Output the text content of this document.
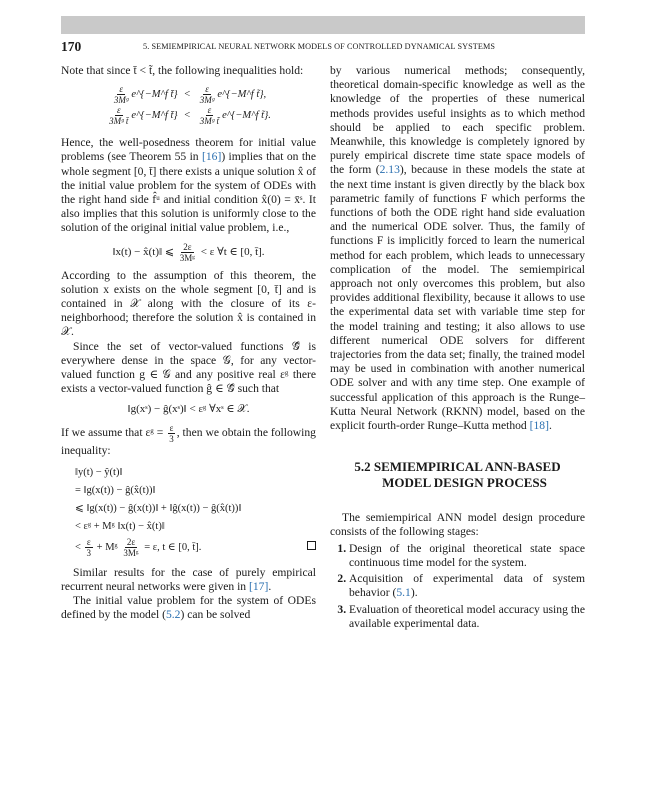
170	5. SEMIEMPIRICAL NEURAL NETWORK MODELS OF CONTROLLED DYNAMICAL SYSTEMS

Note that since t̄ < t̃, the following inequalities hold:

$\frac{\varepsilon}{\text{3Mᵍ}}$ e^{−M^f t̄} < $\frac{\varepsilon}{\text{3Mᵍ}}$ e^{−M^f t̃} ,
$\frac{\varepsilon}{\text{3Mᵍ t̄}}$ e^{−M^f t̄} < $\frac{\varepsilon}{\text{3Mᵍ t̃}}$ e^{−M^f t̃} .

Hence, the well-posedness theorem for initial value problems (see Theorem 55 in [16]) implies that on the whole segment [0, t̄] there exists a unique solution x̂ of the initial value problem for the system of ODEs with the right hand side f̂ᵘ and initial condition x̂(0) = x̄ˢ. It also implies that this solution is uniformly close to the solution of the original initial value problem, i.e.,

‖x(t) − x̂(t)‖ ⩽ $\frac{2\varepsilon}{\text{3Mᵍ}} < \varepsilon$ ∀t ∈ [0, t̄].

According to the assumption of this theorem, the solution x exists on the whole segment [0, t̄] and is contained in 𝒳 along with the closure of its ε-neighborhood; therefore the solution x̂ is contained in 𝒳.

Since the set of vector-valued functions 𝒢̂ is everywhere dense in the space 𝒢, for any vector-valued function g ∈ 𝒢 and any positive real εᵍ there exists a vector-valued function ĝ ∈ 𝒢̂ such that

‖g(xˢ) − ĝ(xˢ)‖ < εᵍ ∀xˢ ∈ 𝒳.

If we assume that εᵍ = $\frac{\varepsilon}{3}$ , then we obtain the following inequality:

‖y(t) − ŷ(t)‖
= ‖g(x(t)) − ĝ(x̂(t))‖
⩽ ‖g(x(t)) − ĝ(x(t))‖ + ‖ĝ(x(t)) − ĝ(x̂(t))‖
< εᵍ + Mᵍ ‖x(t) − x̂(t)‖
< $\frac{\varepsilon}{3}$ + Mᵍ $\frac{2\varepsilon}{\text{3Mᵍ}} = \varepsilon$, t ∈ [0, t̄].

Similar results for the case of purely empirical recurrent neural networks were given in [17].

The initial value problem for the system of ODEs defined by the model (5.2) can be solved

by various numerical methods; consequently, theoretical domain-specific knowledge as well as the knowledge of the properties of these numerical methods provides useful insights as to which method should be applied to each specific problem. Meanwhile, this knowledge is completely ignored by purely empirical discrete time state space models of the form (2.13), because in these models the state at the next time instant is given directly by the black box parametric family of functions F which performs the functions of both the ODE right hand side evaluation and the numerical ODE solver. Thus, the family of functions F is implicitly forced to learn the numerical method for each problem, which leads to unnecessary complication of the model. The semiempirical approach not only overcomes this problem, but also provides additional flexibility, because it allows to use the experimental data set with variable time step for the model training and testing; it also allows to use different numerical ODE solvers for different trajectories from the data set; finally, the trained model may be used in combination with another numerical ODE solver and with any time step. One example of successful application of this approach is the Runge–Kutta Neural Network (RKNN) model, based on the explicit fourth-order Runge–Kutta method [18].

5.2 SEMIEMPIRICAL ANN-BASED
MODEL DESIGN PROCESS

The semiempirical ANN model design procedure consists of the following stages:

1. Design of the original theoretical state space continuous time model for the system.
2. Acquisition of experimental data of system behavior (5.1).
3. Evaluation of theoretical model accuracy using the available experimental data.
